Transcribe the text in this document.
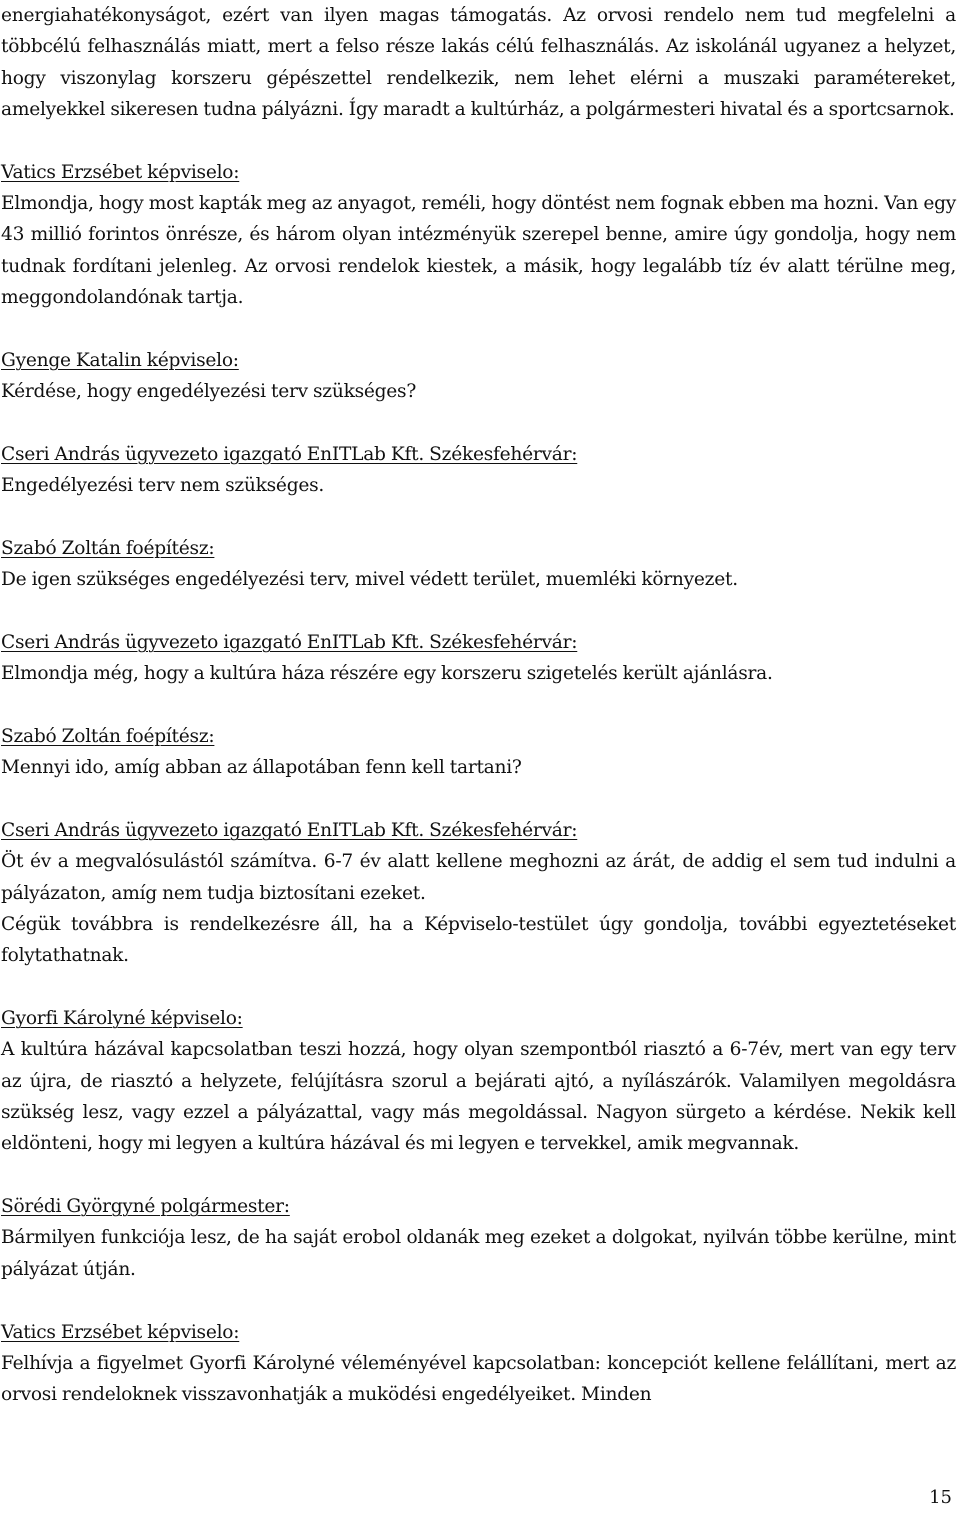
energiahatékonyságot, ezért van ilyen magas támogatás. Az orvosi rendelo nem tud megfelelni a többcélú felhasználás miatt, mert a felso része lakás célú felhasználás. Az iskolánál ugyanez a helyzet, hogy viszonylag korszeru gépészettel rendelkezik, nem lehet elérni a muszaki paramétereket, amelyekkel sikeresen tudna pályázni. Így maradt a kultúrház, a polgármesteri hivatal és a sportcsarnok.

Vatics Erzsébet képviselo:

Elmondja, hogy most kapták meg az anyagot, reméli, hogy döntést nem fognak ebben ma hozni. Van egy 43 millió forintos önrésze, és három olyan intézményük szerepel benne, amire úgy gondolja, hogy nem tudnak fordítani jelenleg. Az orvosi rendelok kiestek, a másik, hogy legalább tíz év alatt térülne meg, meggondolandónak tartja.

Gyenge Katalin képviselo:

Kérdése, hogy engedélyezési terv szükséges?

Cseri András ügyvezeto igazgató EnITLab Kft. Székesfehérvár:

Engedélyezési terv nem szükséges.

Szabó Zoltán foépítész:

De igen szükséges engedélyezési terv, mivel védett terület, muemléki környezet.

Cseri András ügyvezeto igazgató EnITLab Kft. Székesfehérvár:

Elmondja még, hogy a kultúra háza részére egy korszeru szigetelés került ajánlásra.

Szabó Zoltán foépítész:

Mennyi ido, amíg abban az állapotában fenn kell tartani?

Cseri András ügyvezeto igazgató EnITLab Kft. Székesfehérvár:

Öt év a megvalósulástól számítva. 6-7 év alatt kellene meghozni az árát, de addig el sem tud indulni a pályázaton, amíg nem tudja biztosítani ezeket.

Cégük továbbra is rendelkezésre áll, ha a Képviselo-testület úgy gondolja, további egyeztetéseket folytathatnak.

Gyorfi Károlyné képviselo:

A kultúra házával kapcsolatban teszi hozzá, hogy olyan szempontból riasztó a 6-7év, mert van egy terv az újra, de riasztó a helyzete, felújításra szorul a bejárati ajtó, a nyílászárók. Valamilyen megoldásra szükség lesz, vagy ezzel a pályázattal, vagy más megoldással. Nagyon sürgeto a kérdése. Nekik kell eldönteni, hogy mi legyen a kultúra házával és mi legyen e tervekkel, amik megvannak.

Sörédi Györgyné polgármester:

Bármilyen funkciója lesz, de ha saját erobol oldanák meg ezeket a dolgokat, nyilván többe kerülne, mint pályázat útján.

Vatics Erzsébet képviselo:

Felhívja a figyelmet Gyorfi Károlyné véleményével kapcsolatban: koncepciót kellene felállítani, mert az orvosi rendeloknek visszavonhatják a muködési engedélyeiket. Minden

15
